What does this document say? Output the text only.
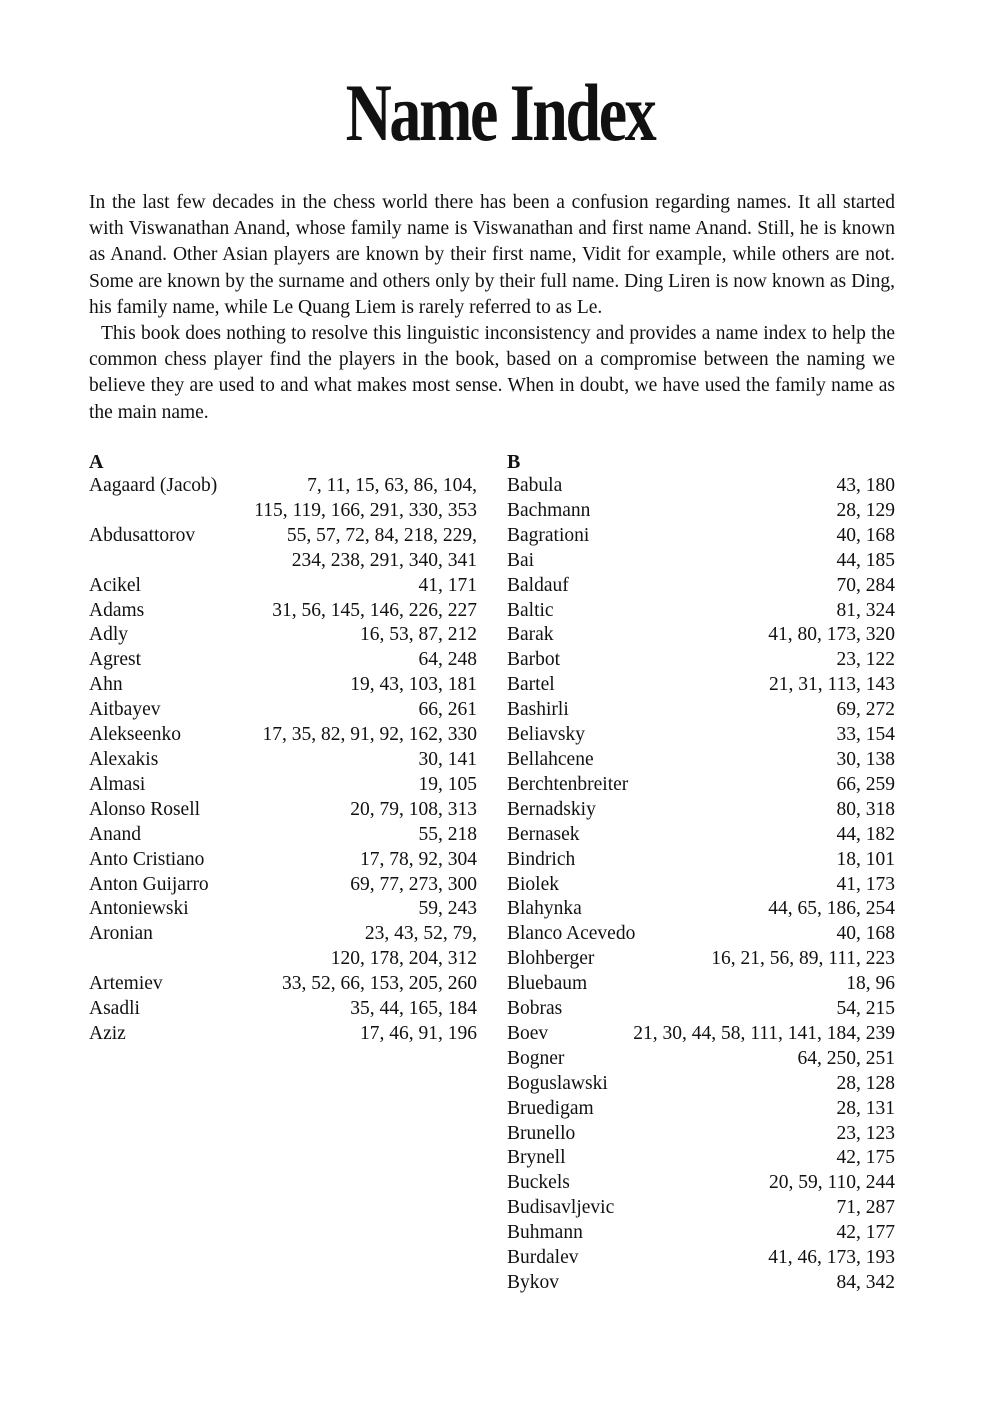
Name Index

In the last few decades in the chess world there has been a confusion regarding names. It all started with Viswanathan Anand, whose family name is Viswanathan and first name Anand. Still, he is known as Anand. Other Asian players are known by their first name, Vidit for example, while others are not. Some are known by the surname and others only by their full name. Ding Liren is now known as Ding, his family name, while Le Quang Liem is rarely referred to as Le.

This book does nothing to resolve this linguistic inconsistency and provides a name index to help the common chess player find the players in the book, based on a compromise between the naming we believe they are used to and what makes most sense. When in doubt, we have used the family name as the main name.

A
Aagaard (Jacob)	7, 11, 15, 63, 86, 104,
115, 119, 166, 291, 330, 353
Abdusattorov	55, 57, 72, 84, 218, 229,
234, 238, 291, 340, 341
Acikel	41, 171
Adams	31, 56, 145, 146, 226, 227
Adly	16, 53, 87, 212
Agrest	64, 248
Ahn	19, 43, 103, 181
Aitbayev	66, 261
Alekseenko	17, 35, 82, 91, 92, 162, 330
Alexakis	30, 141
Almasi	19, 105
Alonso Rosell	20, 79, 108, 313
Anand	55, 218
Anto Cristiano	17, 78, 92, 304
Anton Guijarro	69, 77, 273, 300
Antoniewski	59, 243
Aronian	23, 43, 52, 79,
120, 178, 204, 312
Artemiev	33, 52, 66, 153, 205, 260
Asadli	35, 44, 165, 184
Aziz	17, 46, 91, 196
B
Babula	43, 180
Bachmann	28, 129
Bagrationi	40, 168
Bai	44, 185
Baldauf	70, 284
Baltic	81, 324
Barak	41, 80, 173, 320
Barbot	23, 122
Bartel	21, 31, 113, 143
Bashirli	69, 272
Beliavsky	33, 154
Bellahcene	30, 138
Berchtenbreiter	66, 259
Bernadskiy	80, 318
Bernasek	44, 182
Bindrich	18, 101
Biolek	41, 173
Blahynka	44, 65, 186, 254
Blanco Acevedo	40, 168
Blohberger	16, 21, 56, 89, 111, 223
Bluebaum	18, 96
Bobras	54, 215
Boev	21, 30, 44, 58, 111, 141, 184, 239
Bogner	64, 250, 251
Boguslawski	28, 128
Bruedigam	28, 131
Brunello	23, 123
Brynell	42, 175
Buckels	20, 59, 110, 244
Budisavljevic	71, 287
Buhmann	42, 177
Burdalev	41, 46, 173, 193
Bykov	84, 342
